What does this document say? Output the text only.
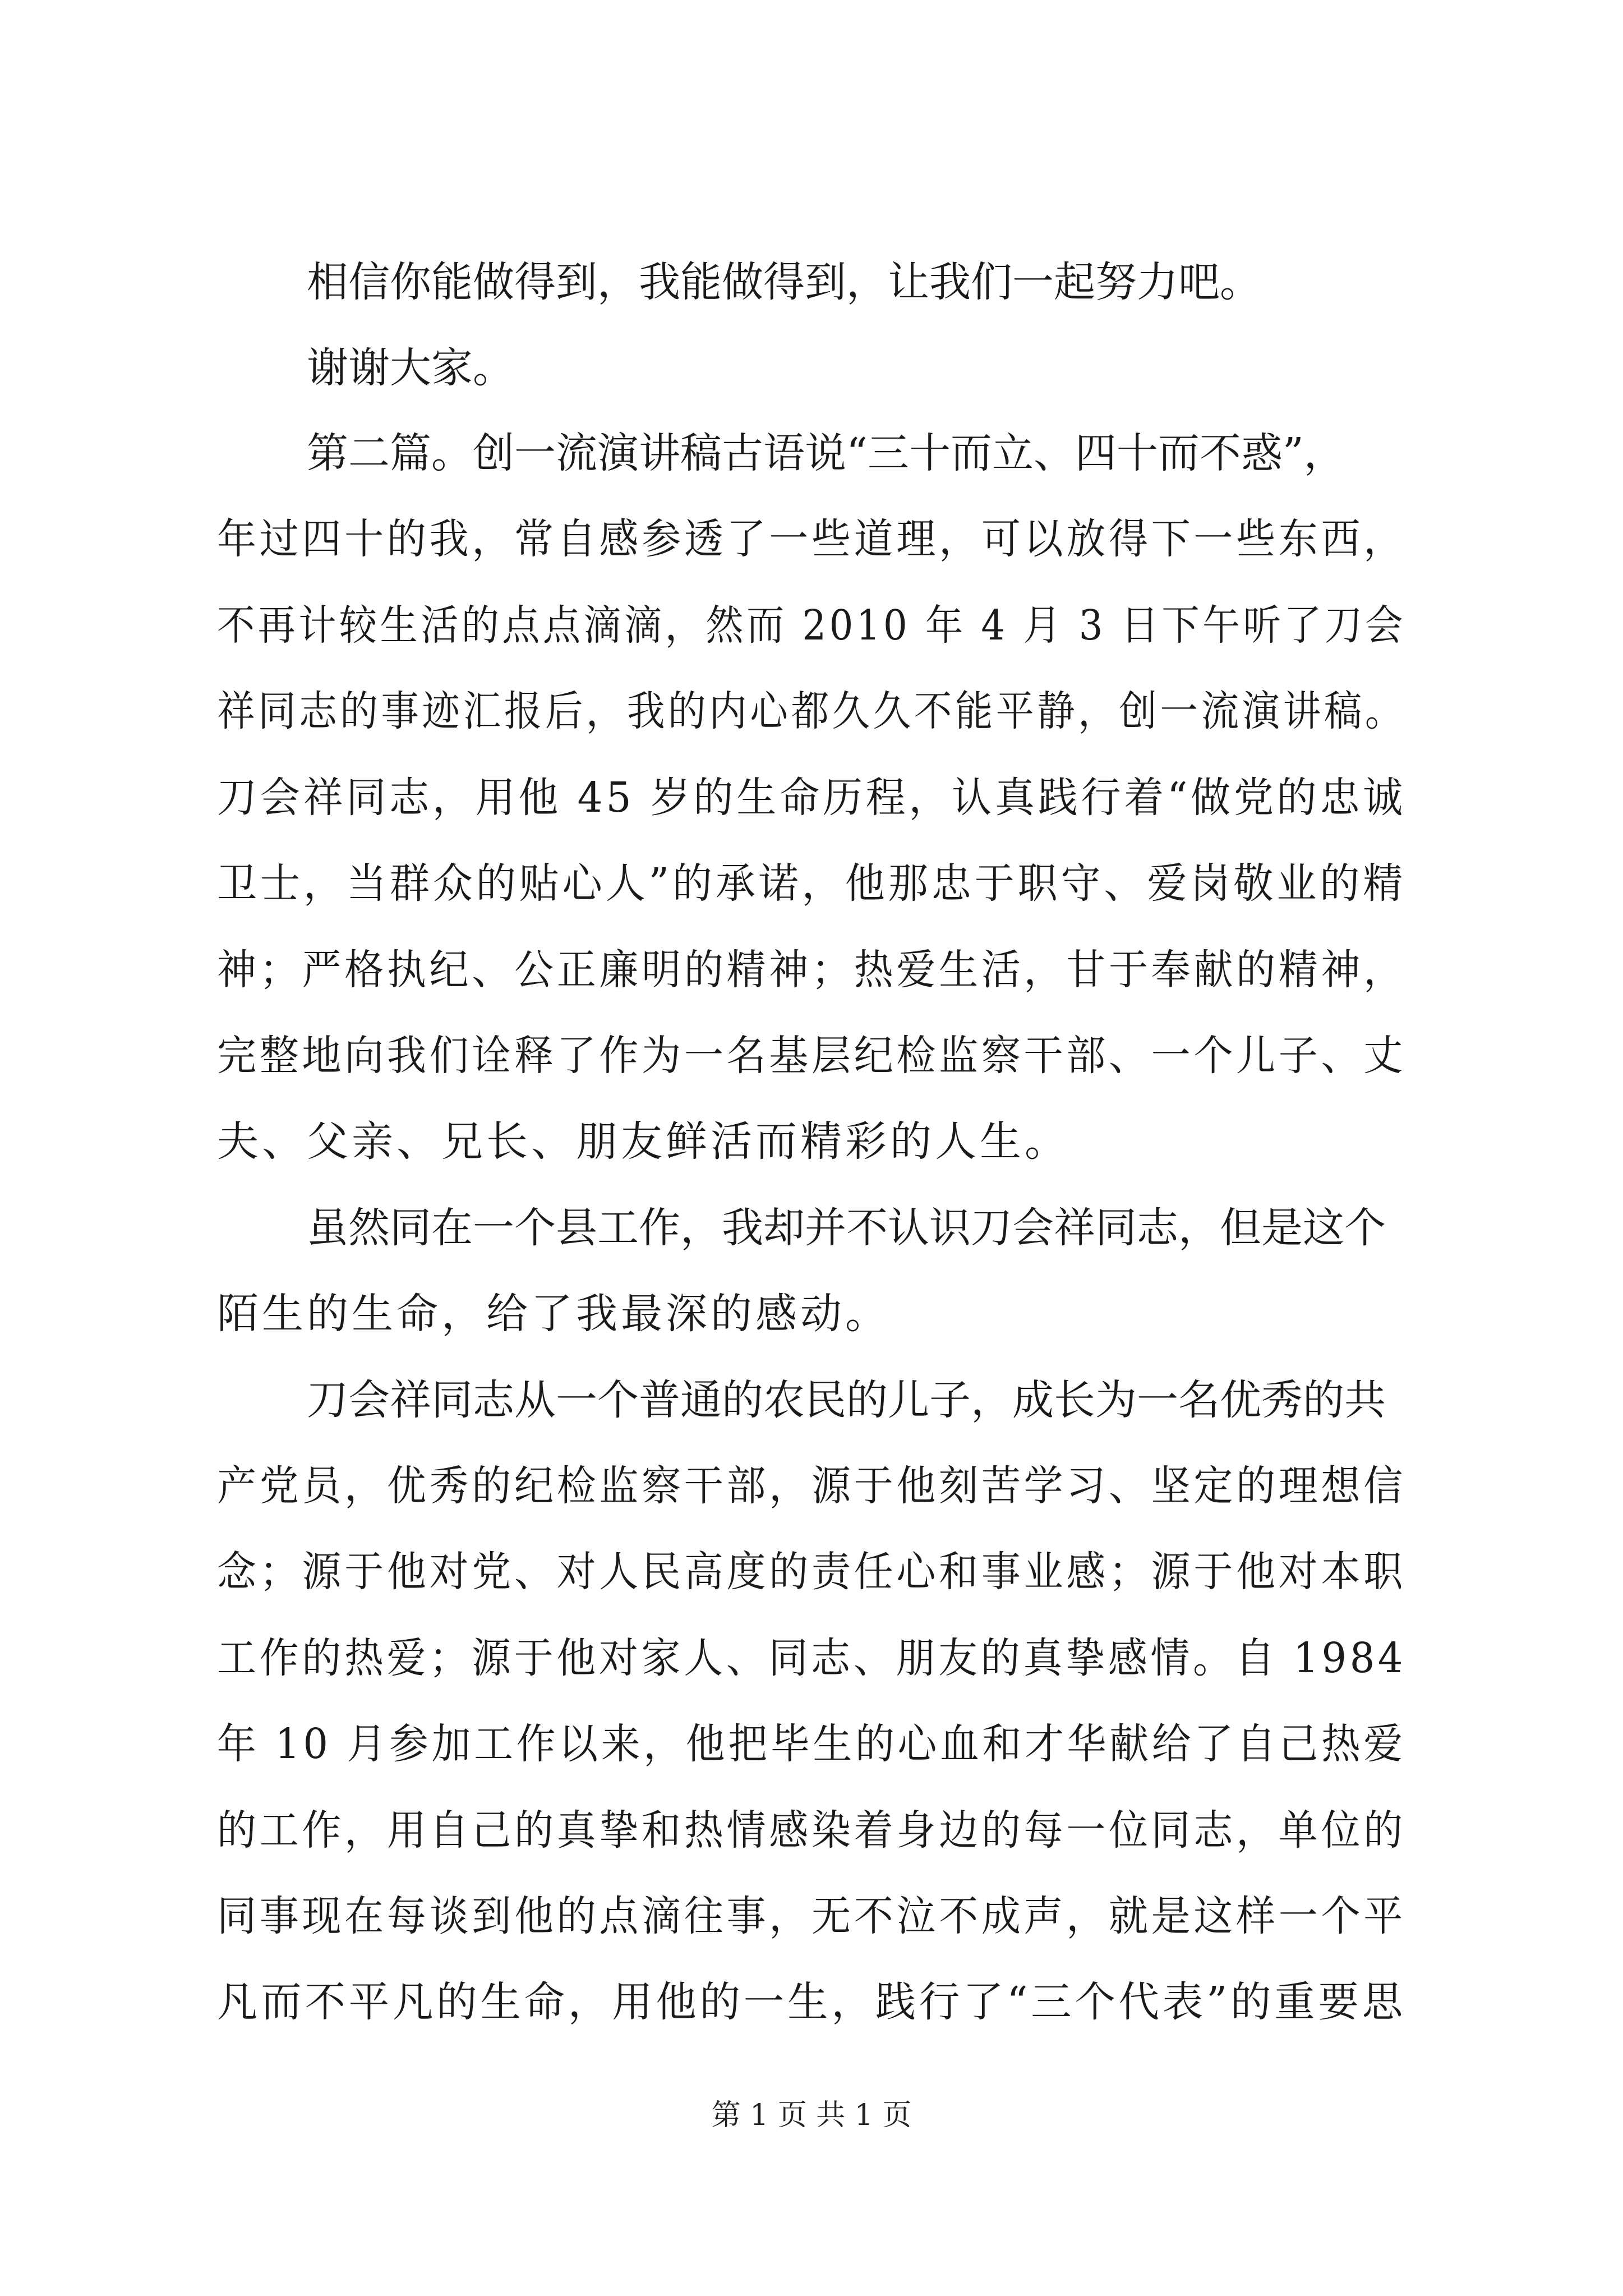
相信你能做得到，我能做得到，让我们一起努力吧。
谢谢大家。
第二篇。创一流演讲稿古语说“三十而立、四十而不惑”，
年过四十的我，常自感参透了一些道理，可以放得下一些东西，
不再计较生活的点点滴滴，然而 2010 年 4 月 3 日下午听了刀会
祥同志的事迹汇报后，我的内心都久久不能平静，创一流演讲稿。
刀会祥同志，用他 45 岁的生命历程，认真践行着“做党的忠诚
卫士，当群众的贴心人”的承诺，他那忠于职守、爱岗敬业的精
神；严格执纪、公正廉明的精神；热爱生活，甘于奉献的精神，
完整地向我们诠释了作为一名基层纪检监察干部、一个儿子、丈
夫、父亲、兄长、朋友鲜活而精彩的人生。
虽然同在一个县工作，我却并不认识刀会祥同志，但是这个
陌生的生命，给了我最深的感动。
刀会祥同志从一个普通的农民的儿子，成长为一名优秀的共
产党员，优秀的纪检监察干部，源于他刻苦学习、坚定的理想信
念；源于他对党、对人民高度的责任心和事业感；源于他对本职
工作的热爱；源于他对家人、同志、朋友的真挚感情。自 1984
年 10 月参加工作以来，他把毕生的心血和才华献给了自己热爱
的工作，用自己的真挚和热情感染着身边的每一位同志，单位的
同事现在每谈到他的点滴往事，无不泣不成声，就是这样一个平
凡而不平凡的生命，用他的一生，践行了“三个代表”的重要思
第 1 页 共 1 页
